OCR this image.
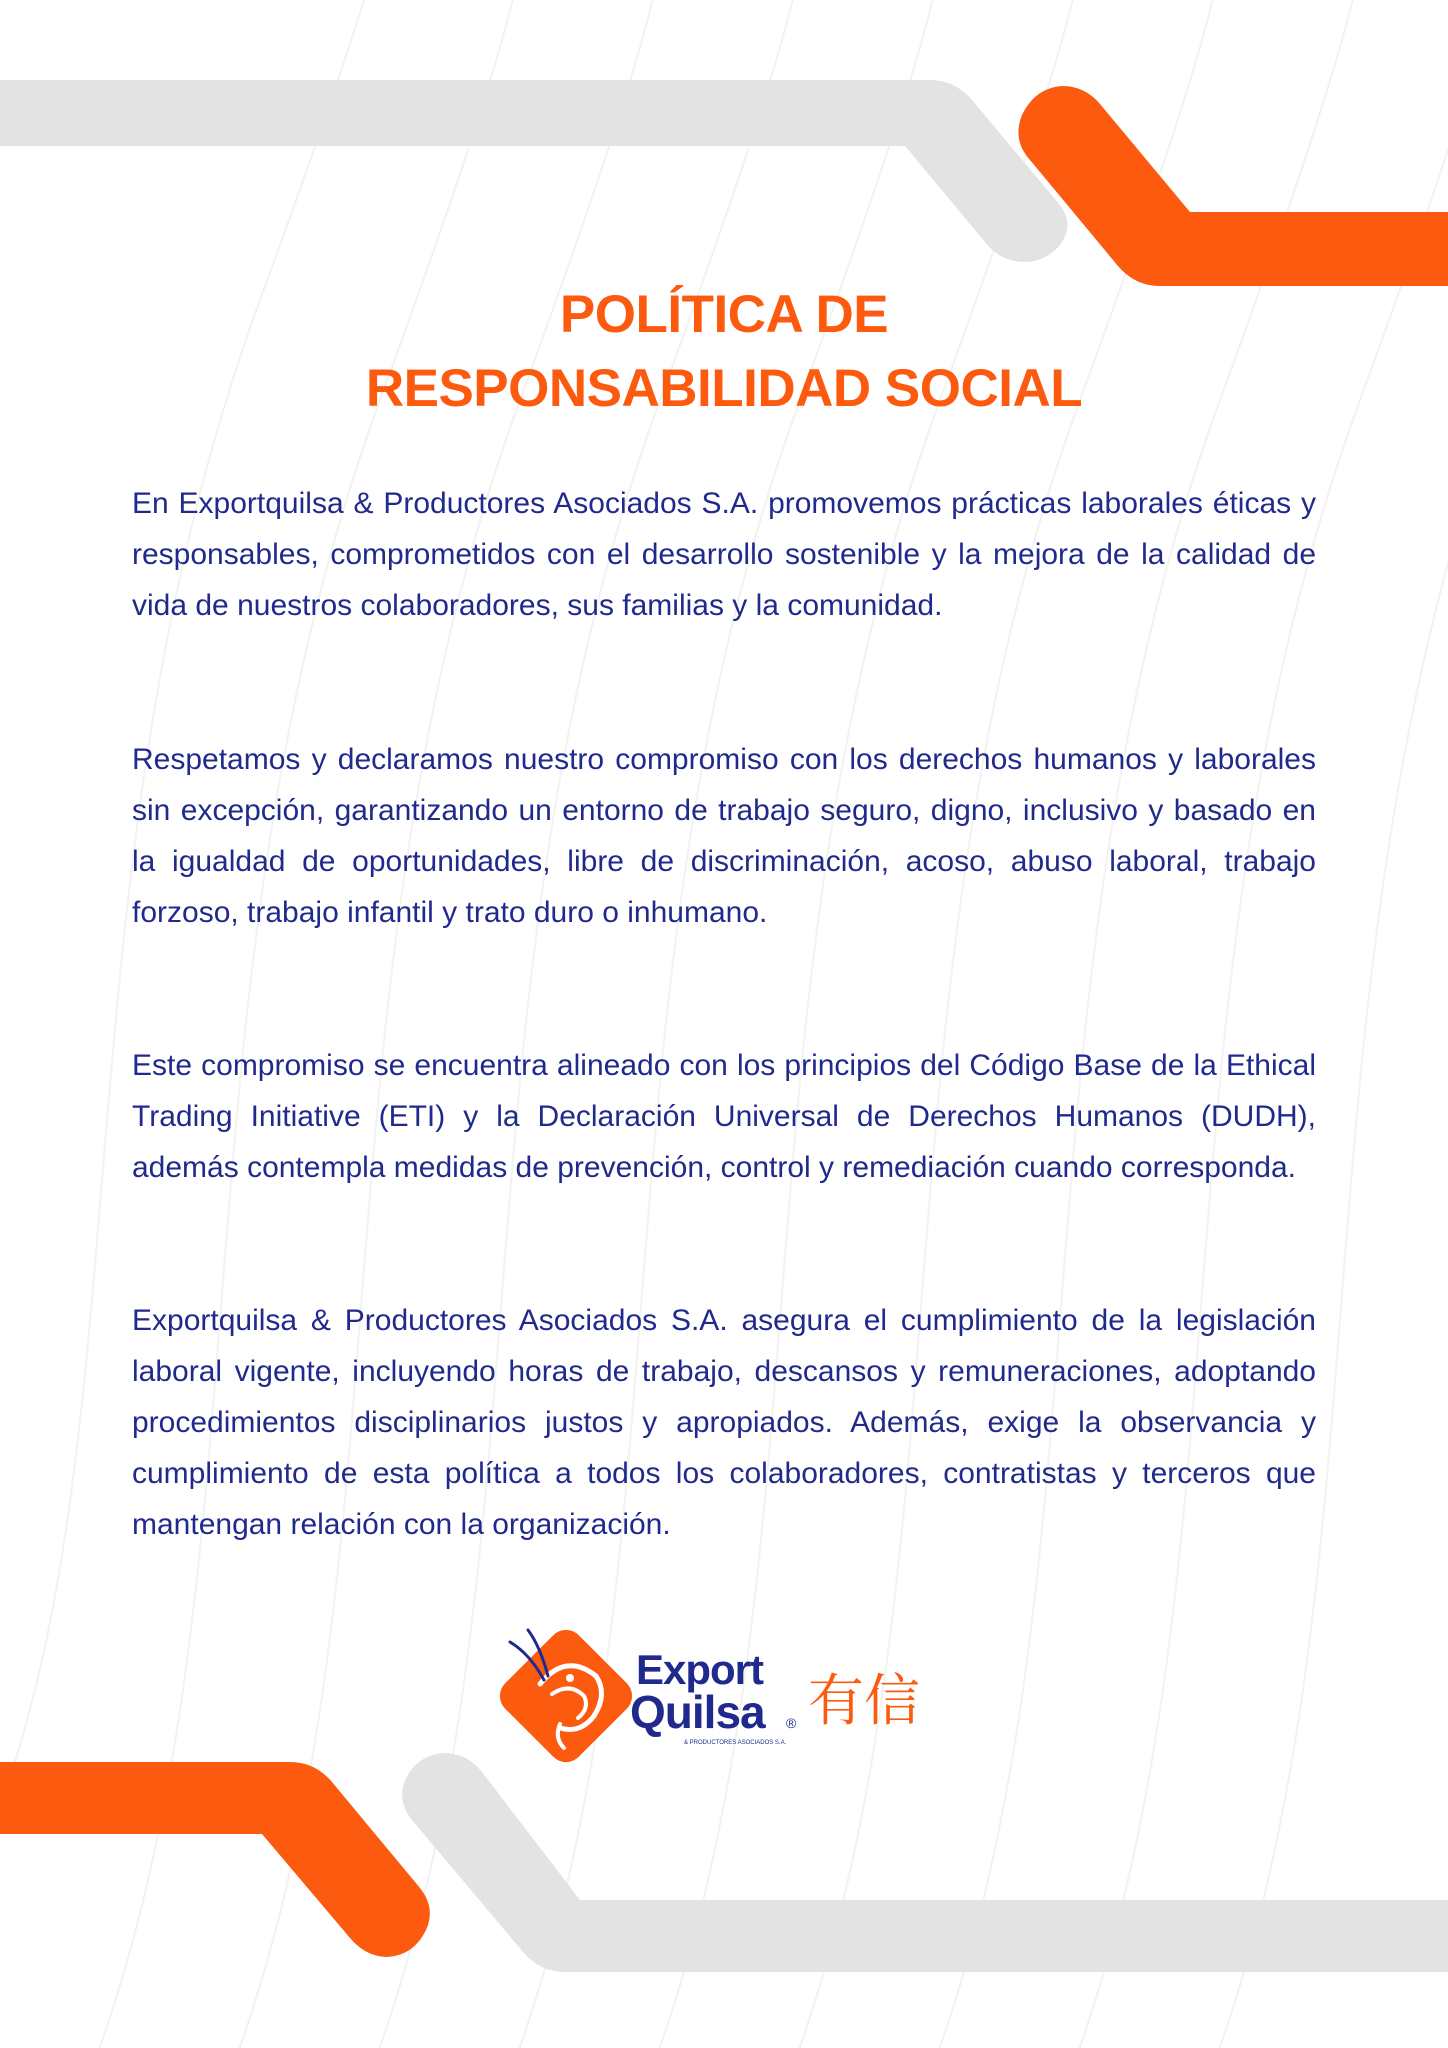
POLÍTICA DE
RESPONSABILIDAD SOCIAL

En Exportquilsa & Productores Asociados S.A. promovemos prácticas laborales éticas y responsables, comprometidos con el desarrollo sostenible y la mejora de la calidad de vida de nuestros colaboradores, sus familias y la comunidad.

Respetamos y declaramos nuestro compromiso con los derechos humanos y laborales sin excepción, garantizando un entorno de trabajo seguro, digno, inclusivo y basado en la igualdad de oportunidades, libre de discriminación, acoso, abuso laboral, trabajo forzoso, trabajo infantil y trato duro o inhumano.

Este compromiso se encuentra alineado con los principios del Código Base de la Ethical Trading Initiative (ETI) y la Declaración Universal de Derechos Humanos (DUDH), además contempla medidas de prevención, control y remediación cuando corresponda.

Exportquilsa & Productores Asociados S.A. asegura el cumplimiento de la legislación laboral vigente, incluyendo horas de trabajo, descansos y remuneraciones, adoptando procedimientos disciplinarios justos y apropiados. Además, exige la observancia y cumplimiento de esta política a todos los colaboradores, contratistas y terceros que mantengan relación con la organización.

Export
Quilsa ®
& PRODUCTORES ASOCIADOS S.A.
有信
